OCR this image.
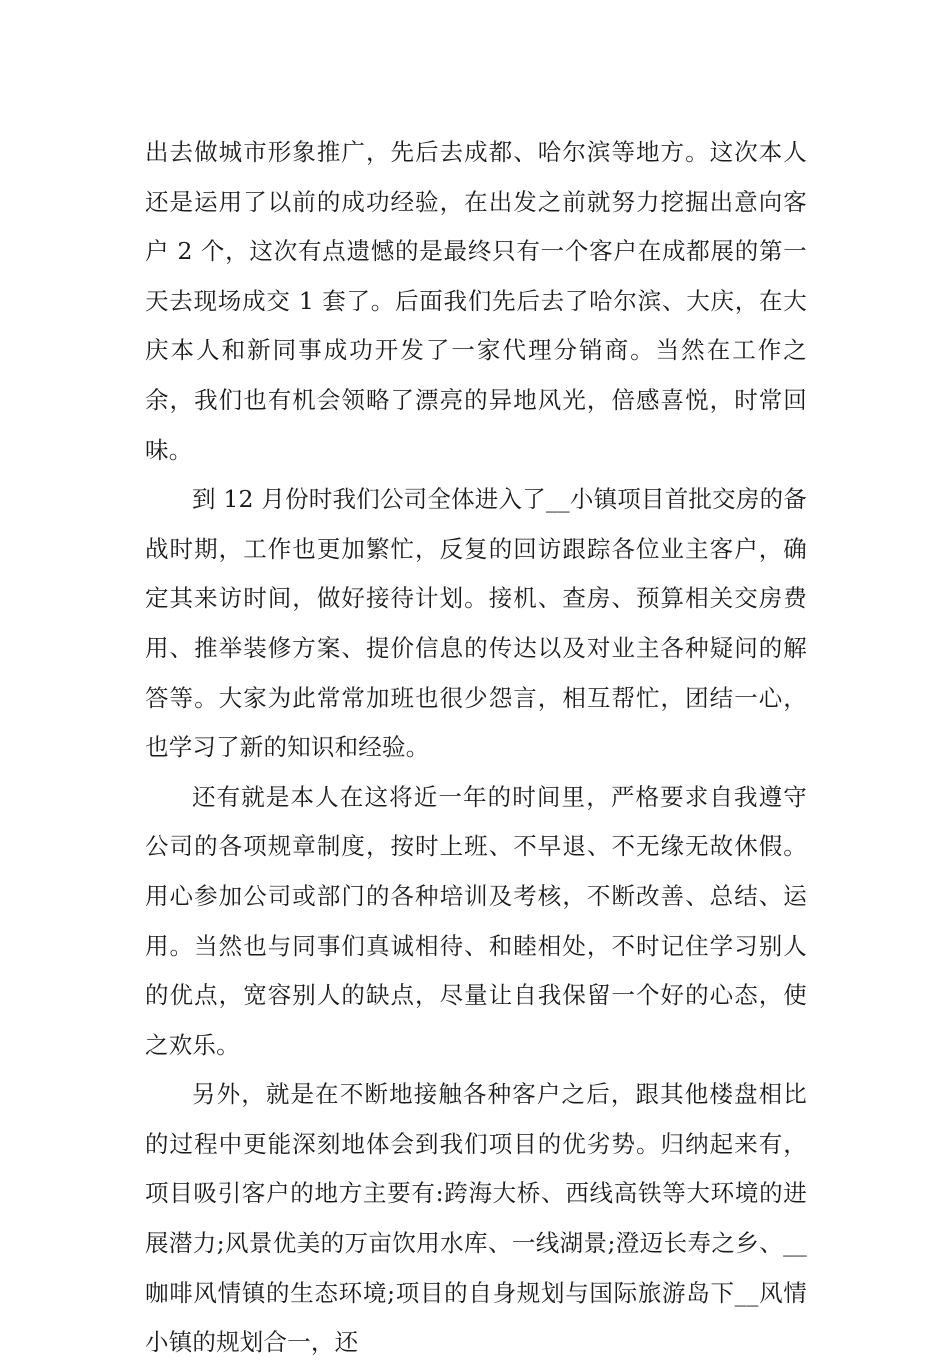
出去做城市形象推广，先后去成都、哈尔滨等地方。这次本人还是运用了以前的成功经验，在出发之前就努力挖掘出意向客户 2 个，这次有点遗憾的是最终只有一个客户在成都展的第一天去现场成交 1 套了。后面我们先后去了哈尔滨、大庆，在大庆本人和新同事成功开发了一家代理分销商。当然在工作之余，我们也有机会领略了漂亮的异地风光，倍感喜悦，时常回味。

到 12 月份时我们公司全体进入了__小镇项目首批交房的备战时期，工作也更加繁忙，反复的回访跟踪各位业主客户，确定其来访时间，做好接待计划。接机、查房、预算相关交房费用、推举装修方案、提价信息的传达以及对业主各种疑问的解答等。大家为此常常加班也很少怨言，相互帮忙，团结一心，也学习了新的知识和经验。

还有就是本人在这将近一年的时间里，严格要求自我遵守公司的各项规章制度，按时上班、不早退、不无缘无故休假。用心参加公司或部门的各种培训及考核，不断改善、总结、运用。当然也与同事们真诚相待、和睦相处，不时记住学习别人的优点，宽容别人的缺点，尽量让自我保留一个好的心态，使之欢乐。

另外，就是在不断地接触各种客户之后，跟其他楼盘相比的过程中更能深刻地体会到我们项目的优劣势。归纳起来有，项目吸引客户的地方主要有:跨海大桥、西线高铁等大环境的进展潜力;风景优美的万亩饮用水库、一线湖景;澄迈长寿之乡、__咖啡风情镇的生态环境;项目的自身规划与国际旅游岛下__风情小镇的规划合一，还
